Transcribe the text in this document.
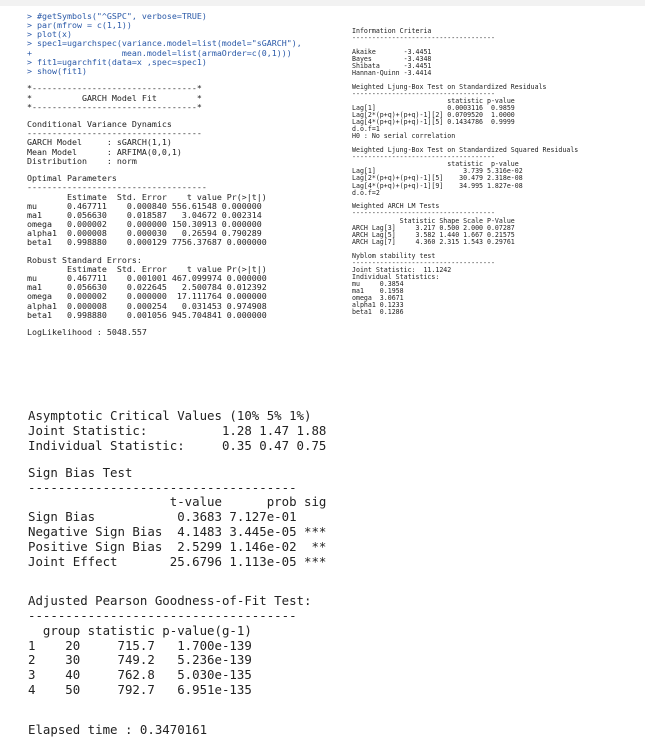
> #getSymbols("^GSPC", verbose=TRUE)
> par(mfrow = c(1,1))
> plot(x)
> spec1=ugarchspec(variance.model=list(model="sGARCH"),
+                  mean.model=list(armaOrder=c(0,1)))
> fit1=ugarchfit(data=x ,spec=spec1)
> show(fit1)
*---------------------------------*
*          GARCH Model Fit        *
*---------------------------------*
Conditional Variance Dynamics
-----------------------------------
GARCH Model     : sGARCH(1,1)
Mean Model      : ARFIMA(0,0,1)
Distribution    : norm
Optimal Parameters
------------------------------------
Estimate  Std. Error    t value Pr(>|t|)
mu      0.467711    0.000840 556.61548 0.000000
ma1     0.056630    0.018587   3.04672 0.002314
omega   0.000002    0.000000 150.30913 0.000000
alpha1  0.000008    0.000030   0.26594 0.790289
beta1   0.998880    0.000129 7756.37687 0.000000
Robust Standard Errors:
Estimate  Std. Error    t value Pr(>|t|)
mu      0.467711    0.001001 467.099974 0.000000
ma1     0.056630    0.022645   2.500784 0.012392
omega   0.000002    0.000000  17.111764 0.000000
alpha1  0.000008    0.000254   0.031453 0.974908
beta1   0.998880    0.001056 945.704841 0.000000
LogLikelihood : 5048.557
Information Criteria
------------------------------------
Akaike       -3.4451
Bayes        -3.4348
Shibata      -3.4451
Hannan-Quinn -3.4414
Weighted Ljung-Box Test on Standardized Residuals
------------------------------------
statistic p-value
Lag[1]                  0.0003116  0.9859
Lag[2*(p+q)+(p+q)-1][2] 0.0709520  1.0000
Lag[4*(p+q)+(p+q)-1][5] 0.1434786  0.9999
d.o.f=1
H0 : No serial correlation
Weighted Ljung-Box Test on Standardized Squared Residuals
------------------------------------
statistic  p-value
Lag[1]                      3.739 5.316e-02
Lag[2*(p+q)+(p+q)-1][5]    30.479 2.318e-08
Lag[4*(p+q)+(p+q)-1][9]    34.995 1.827e-08
d.o.f=2
Weighted ARCH LM Tests
------------------------------------
Statistic Shape Scale P-Value
ARCH Lag[3]     3.217 0.500 2.000 0.07287
ARCH Lag[5]     3.582 1.440 1.667 0.21575
ARCH Lag[7]     4.360 2.315 1.543 0.29761
Nyblom stability test
------------------------------------
Joint Statistic:  11.1242
Individual Statistics:
mu     0.3854
ma1    0.1958
omega  3.0671
alpha1 0.1233
beta1  0.1286
Asymptotic Critical Values (10% 5% 1%)
Joint Statistic:          1.28 1.47 1.88
Individual Statistic:     0.35 0.47 0.75
Sign Bias Test
------------------------------------
t-value      prob sig
Sign Bias           0.3683 7.127e-01
Negative Sign Bias  4.1483 3.445e-05 ***
Positive Sign Bias  2.5299 1.146e-02  **
Joint Effect       25.6796 1.113e-05 ***
Adjusted Pearson Goodness-of-Fit Test:
------------------------------------
group statistic p-value(g-1)
1    20     715.7   1.700e-139
2    30     749.2   5.236e-139
3    40     762.8   5.030e-135
4    50     792.7   6.951e-135
Elapsed time : 0.3470161
